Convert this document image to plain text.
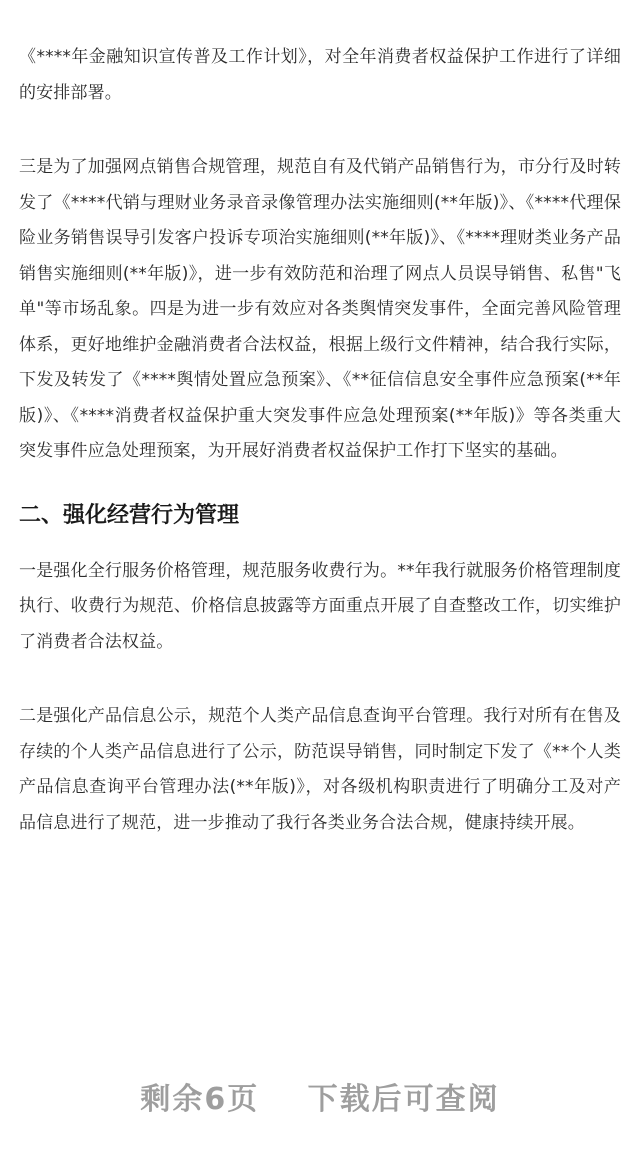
《****年金融知识宣传普及工作计划》，对全年消费者权益保护工作进行了详细的安排部署。

三是为了加强网点销售合规管理，规范自有及代销产品销售行为，市分行及时转发了《****代销与理财业务录音录像管理办法实施细则(**年版)》、《****代理保险业务销售误导引发客户投诉专项治实施细则(**年版)》、《****理财类业务产品销售实施细则(**年版)》，进一步有效防范和治理了网点人员误导销售、私售"飞单"等市场乱象。四是为进一步有效应对各类舆情突发事件，全面完善风险管理体系，更好地维护金融消费者合法权益，根据上级行文件精神，结合我行实际，下发及转发了《****舆情处置应急预案》、《**征信信息安全事件应急预案(**年版)》、《****消费者权益保护重大突发事件应急处理预案(**年版)》等各类重大突发事件应急处理预案，为开展好消费者权益保护工作打下坚实的基础。

二、强化经营行为管理

一是强化全行服务价格管理，规范服务收费行为。**年我行就服务价格管理制度执行、收费行为规范、价格信息披露等方面重点开展了自查整改工作，切实维护了消费者合法权益。

二是强化产品信息公示，规范个人类产品信息查询平台管理。我行对所有在售及存续的个人类产品信息进行了公示，防范误导销售，同时制定下发了《**个人类产品信息查询平台管理办法(**年版)》，对各级机构职责进行了明确分工及对产品信息进行了规范，进一步推动了我行各类业务合法合规，健康持续开展。

剩余6页 下载后可查阅
